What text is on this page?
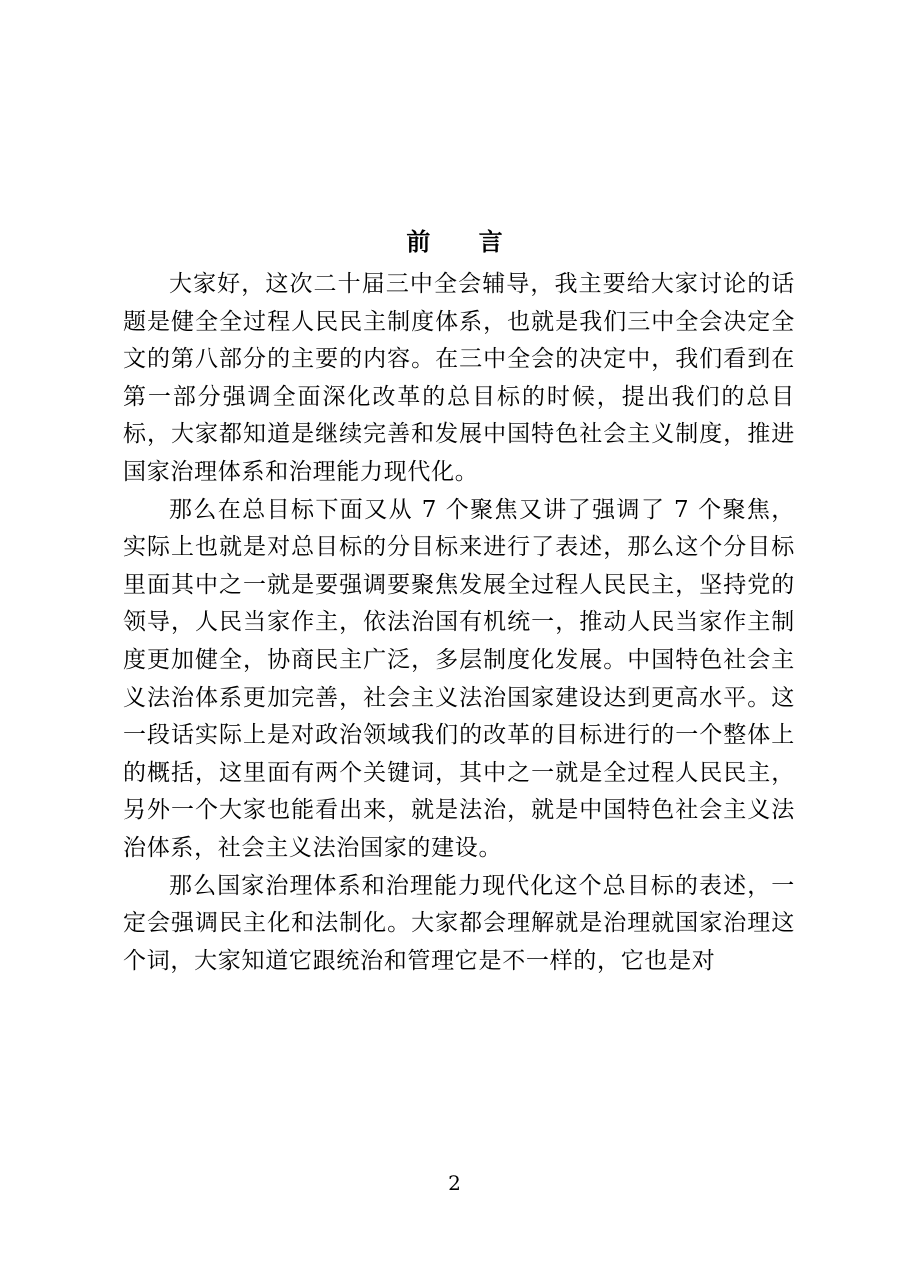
前 言

大家好，这次二十届三中全会辅导，我主要给大家讨论的话题是健全全过程人民民主制度体系，也就是我们三中全会决定全文的第八部分的主要的内容。在三中全会的决定中，我们看到在第一部分强调全面深化改革的总目标的时候，提出我们的总目标，大家都知道是继续完善和发展中国特色社会主义制度，推进国家治理体系和治理能力现代化。

那么在总目标下面又从 7 个聚焦又讲了强调了 7 个聚焦，实际上也就是对总目标的分目标来进行了表述，那么这个分目标里面其中之一就是要强调要聚焦发展全过程人民民主，坚持党的领导，人民当家作主，依法治国有机统一，推动人民当家作主制度更加健全，协商民主广泛，多层制度化发展。中国特色社会主义法治体系更加完善，社会主义法治国家建设达到更高水平。这一段话实际上是对政治领域我们的改革的目标进行的一个整体上的概括，这里面有两个关键词，其中之一就是全过程人民民主，另外一个大家也能看出来，就是法治，就是中国特色社会主义法治体系，社会主义法治国家的建设。

那么国家治理体系和治理能力现代化这个总目标的表述，一定会强调民主化和法制化。大家都会理解就是治理就国家治理这个词，大家知道它跟统治和管理它是不一样的，它也是对

2
